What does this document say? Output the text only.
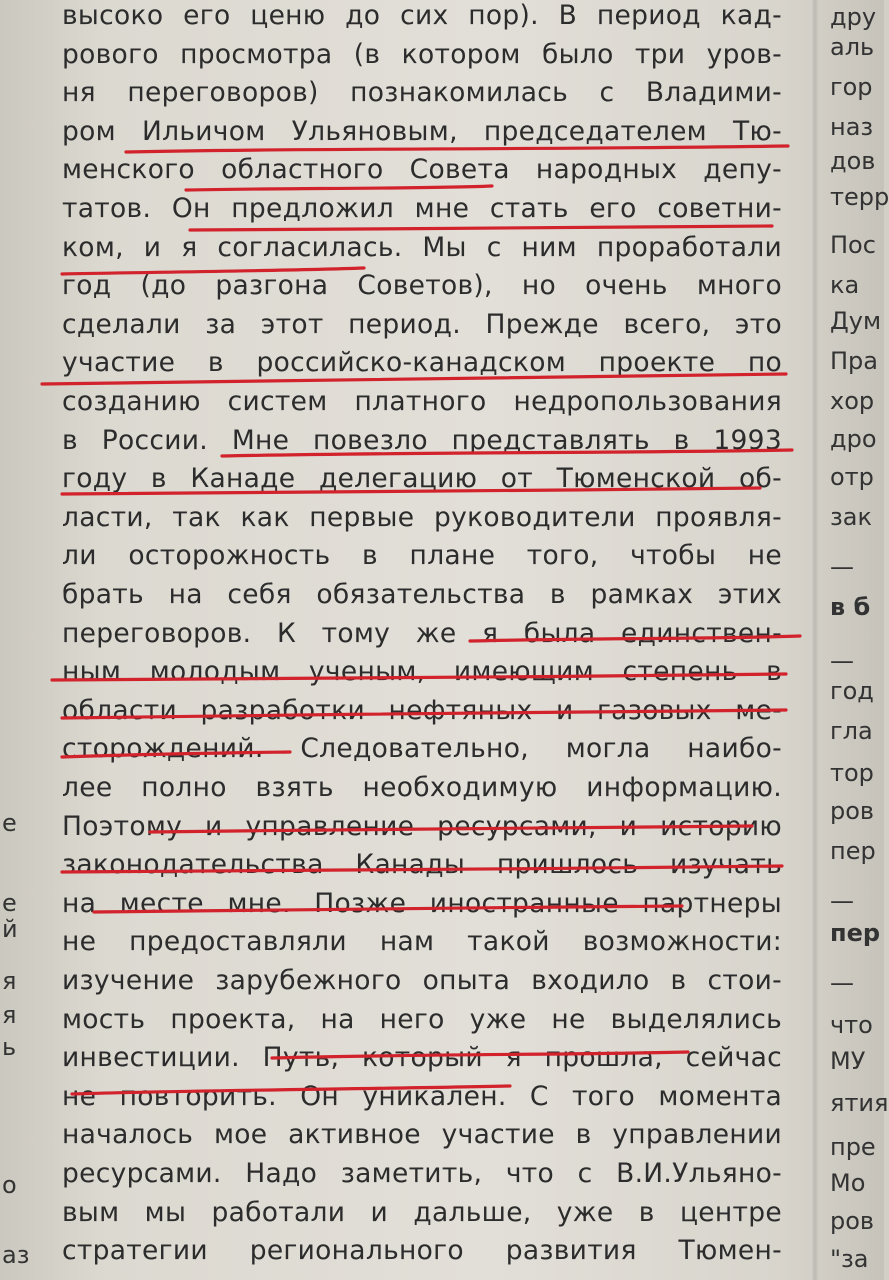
е
е
й
я
я
ь
о
аз
высоко его ценю до сих пор). В период кад-
рового просмотра (в котором было три уров-
ня переговоров) познакомилась с Владими-
ром Ильичом Ульяновым, председателем Тю-
менского областного Совета народных депу-
татов. Он предложил мне стать его советни-
ком, и я согласилась. Мы с ним проработали
год (до разгона Советов), но очень много
сделали за этот период. Прежде всего, это
участие в российско-канадском проекте по
созданию систем платного недропользования
в России. Мне повезло представлять в 1993
году в Канаде делегацию от Тюменской об-
ласти, так как первые руководители проявля-
ли осторожность в плане того, чтобы не
брать на себя обязательства в рамках этих
переговоров. К тому же я была единствен-
ным молодым ученым, имеющим степень в
области разработки нефтяных и газовых ме-
сторождений. Следовательно, могла наибо-
лее полно взять необходимую информацию.
Поэтому и управление ресурсами, и историю
законодательства Канады пришлось изучать
на месте мне. Позже иностранные партнеры
не предоставляли нам такой возможности:
изучение зарубежного опыта входило в стои-
мость проекта, на него уже не выделялись
инвестиции. Путь, который я прошла, сейчас
не повторить. Он уникален. С того момента
началось мое активное участие в управлении
ресурсами. Надо заметить, что с В.И.Ульяно-
вым мы работали и дальше, уже в центре
стратегии регионального развития Тюмен-
дру
аль
гор
наз
дов
терр
Пос
ка
Дум
Пра
хор
дро
отр
зак
—
в б
—
год
гла
тор
ров
пер
—
пер
—
что
МУ
ятия
пре
Мо
ров
"за
